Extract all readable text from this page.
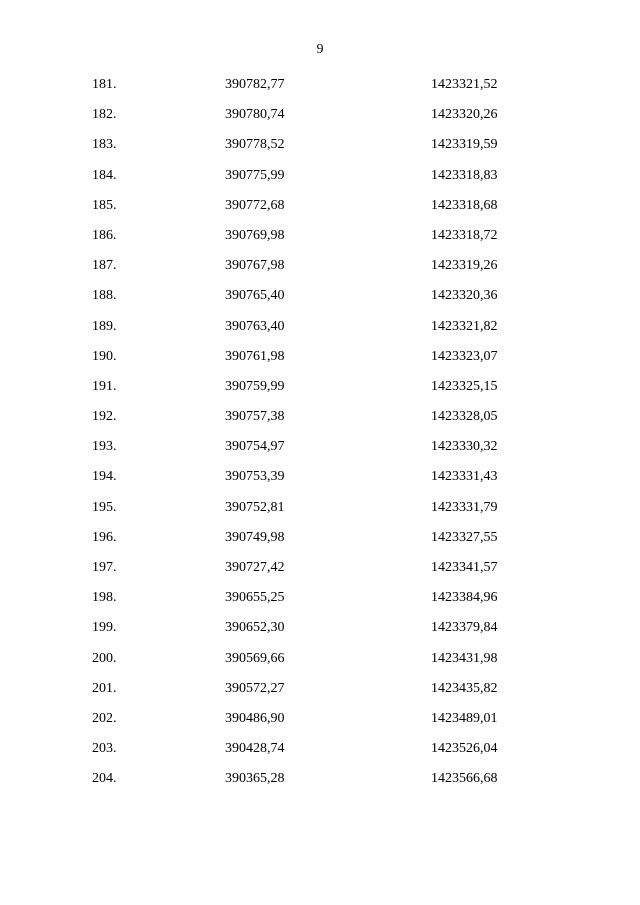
9
181.	390782,77	1423321,52
182.	390780,74	1423320,26
183.	390778,52	1423319,59
184.	390775,99	1423318,83
185.	390772,68	1423318,68
186.	390769,98	1423318,72
187.	390767,98	1423319,26
188.	390765,40	1423320,36
189.	390763,40	1423321,82
190.	390761,98	1423323,07
191.	390759,99	1423325,15
192.	390757,38	1423328,05
193.	390754,97	1423330,32
194.	390753,39	1423331,43
195.	390752,81	1423331,79
196.	390749,98	1423327,55
197.	390727,42	1423341,57
198.	390655,25	1423384,96
199.	390652,30	1423379,84
200.	390569,66	1423431,98
201.	390572,27	1423435,82
202.	390486,90	1423489,01
203.	390428,74	1423526,04
204.	390365,28	1423566,68
